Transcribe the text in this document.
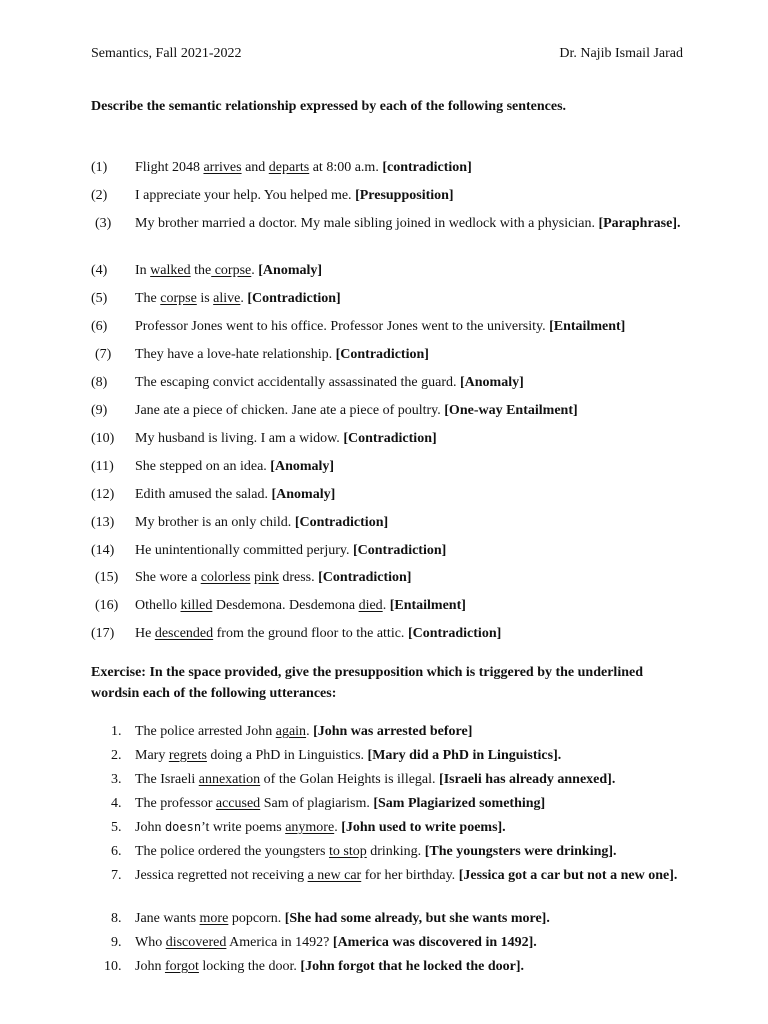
Semantics, Fall 2021-2022	Dr. Najib Ismail Jarad
Describe the semantic relationship expressed by each of the following sentences.
(1) Flight 2048 arrives and departs at 8:00 a.m. [contradiction]
(2) I appreciate your help. You helped me. [Presupposition]
(3) My brother married a doctor. My male sibling joined in wedlock with a physician. [Paraphrase].
(4) In walked the corpse. [Anomaly]
(5) The corpse is alive. [Contradiction]
(6) Professor Jones went to his office. Professor Jones went to the university. [Entailment]
(7) They have a love-hate relationship. [Contradiction]
(8) The escaping convict accidentally assassinated the guard. [Anomaly]
(9) Jane ate a piece of chicken. Jane ate a piece of poultry. [One-way Entailment]
(10) My husband is living. I am a widow. [Contradiction]
(11) She stepped on an idea. [Anomaly]
(12) Edith amused the salad. [Anomaly]
(13) My brother is an only child. [Contradiction]
(14) He unintentionally committed perjury. [Contradiction]
(15) She wore a colorless pink dress. [Contradiction]
(16) Othello killed Desdemona. Desdemona died. [Entailment]
(17) He descended from the ground floor to the attic. [Contradiction]
Exercise: In the space provided, give the presupposition which is triggered by the underlined wordsin each of the following utterances:
1. The police arrested John again. [John was arrested before]
2. Mary regrets doing a PhD in Linguistics. [Mary did a PhD in Linguistics].
3. The Israeli annexation of the Golan Heights is illegal. [Israeli has already annexed].
4. The professor accused Sam of plagiarism. [Sam Plagiarized something]
5. John doesn’t write poems anymore. [John used to write poems].
6. The police ordered the youngsters to stop drinking. [The youngsters were drinking].
7. Jessica regretted not receiving a new car for her birthday. [Jessica got a car but not a new one].
8. Jane wants more popcorn. [She had some already, but she wants more].
9. Who discovered America in 1492? [America was discovered in 1492].
10. John forgot locking the door. [John forgot that he locked the door].
